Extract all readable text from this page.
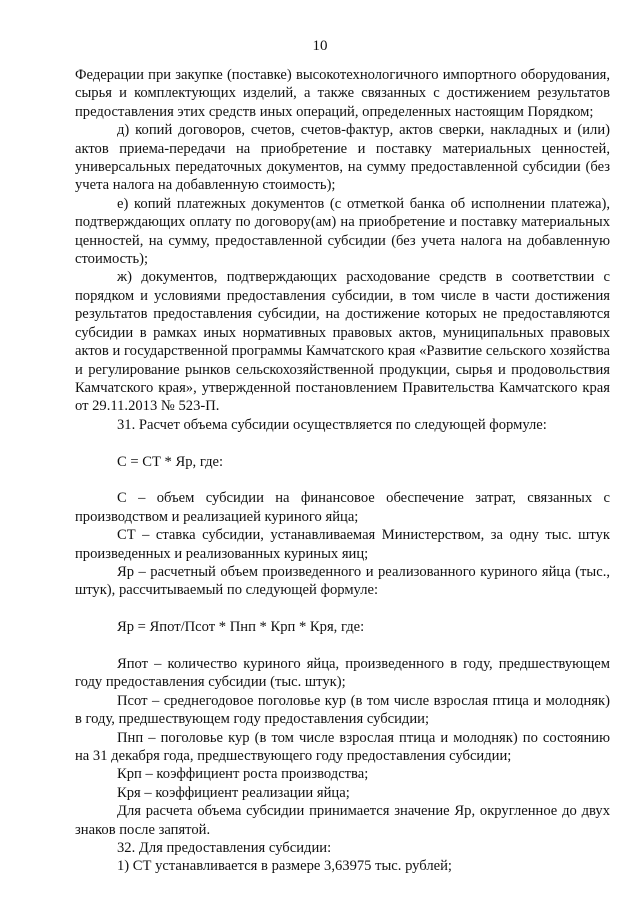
10

Федерации при закупке (поставке) высокотехнологичного импортного оборудования, сырья и комплектующих изделий, а также связанных с достижением результатов предоставления этих средств иных операций, определенных настоящим Порядком;

д) копий договоров, счетов, счетов-фактур, актов сверки, накладных и (или) актов приема-передачи на приобретение и поставку материальных ценностей, универсальных передаточных документов, на сумму предоставленной субсидии (без учета налога на добавленную стоимость);

е) копий платежных документов (с отметкой банка об исполнении платежа), подтверждающих оплату по договору(ам) на приобретение и поставку материальных ценностей, на сумму, предоставленной субсидии (без учета налога на добавленную стоимость);

ж) документов, подтверждающих расходование средств в соответствии с порядком и условиями предоставления субсидии, в том числе в части достижения результатов предоставления субсидии, на достижение которых не предоставляются субсидии в рамках иных нормативных правовых актов, муниципальных правовых актов и государственной программы Камчатского края «Развитие сельского хозяйства и регулирование рынков сельскохозяйственной продукции, сырья и продовольствия Камчатского края», утвержденной постановлением Правительства Камчатского края от 29.11.2013 № 523-П.

31. Расчет объема субсидии осуществляется по следующей формуле:

С = СТ * Яр, где:

С – объем субсидии на финансовое обеспечение затрат, связанных с производством и реализацией куриного яйца;

СТ – ставка субсидии, устанавливаемая Министерством, за одну тыс. штук произведенных и реализованных куриных яиц;

Яр – расчетный объем произведенного и реализованного куриного яйца (тыс., штук), рассчитываемый по следующей формуле:

Яр = Япот/Псот * Пнп * Крп * Кря, где:

Япот – количество куриного яйца, произведенного в году, предшествующем году предоставления субсидии (тыс. штук);

Псот – среднегодовое поголовье кур (в том числе взрослая птица и молодняк) в году, предшествующем году предоставления субсидии;

Пнп – поголовье кур (в том числе взрослая птица и молодняк) по состоянию на 31 декабря года, предшествующего году предоставления субсидии;

Крп – коэффициент роста производства;

Кря – коэффициент реализации яйца;

Для расчета объема субсидии принимается значение Яр, округленное до двух знаков после запятой.

32. Для предоставления субсидии:

1) СТ устанавливается в размере 3,63975 тыс. рублей;
